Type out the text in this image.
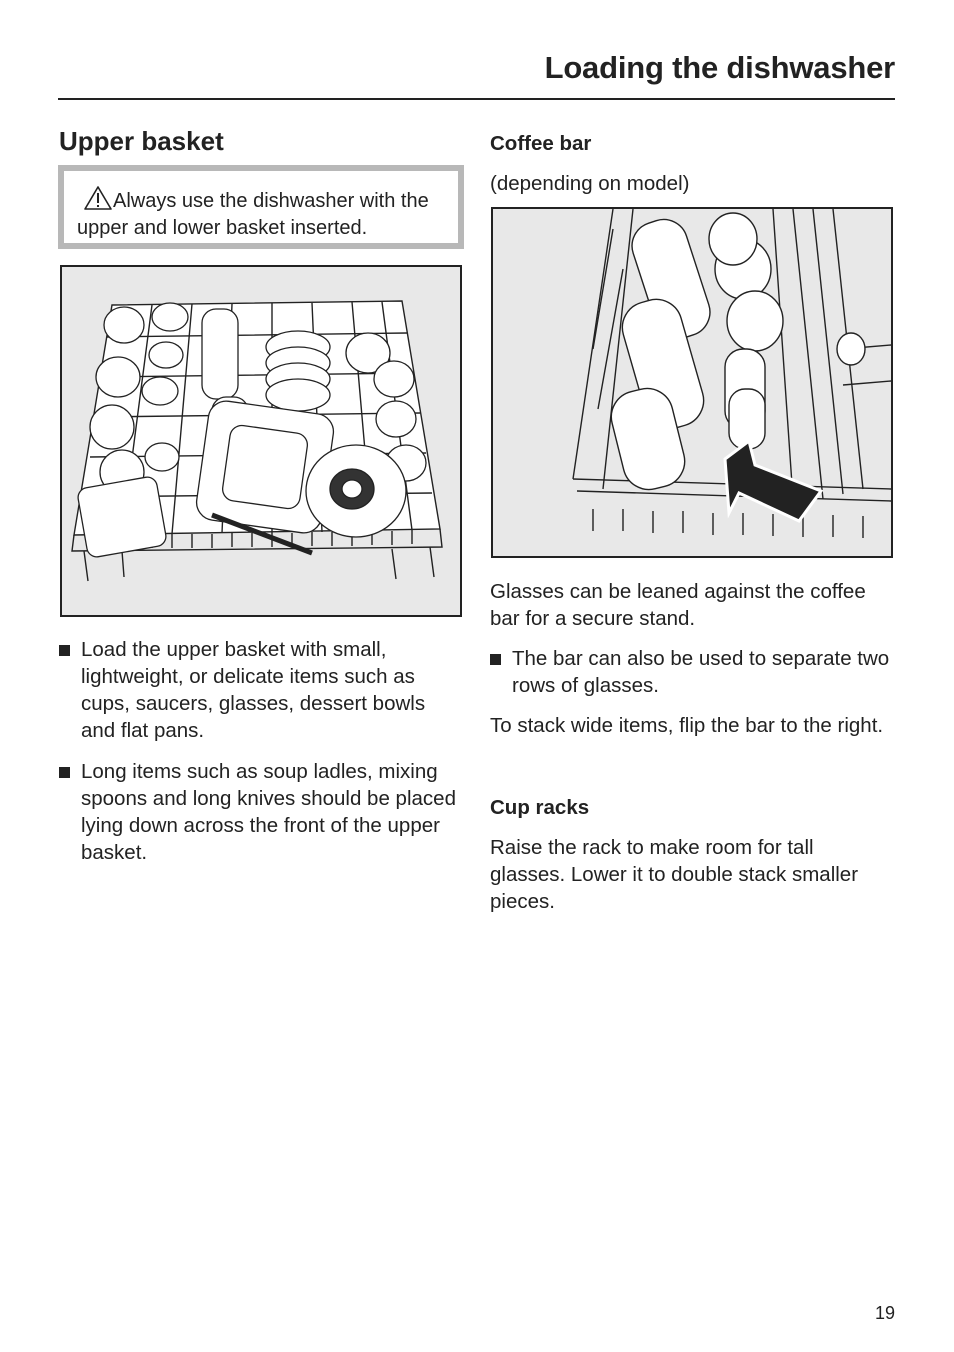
Loading the dishwasher
Upper basket
Always use the dishwasher with the upper and lower basket inserted.

Coffee bar

(depending on model)

Load the upper basket with small, lightweight, or delicate items such as cups, saucers, glasses, dessert bowls and flat pans.
Long items such as soup ladles, mixing spoons and long knives should be placed lying down across the front of the upper basket.

Glasses can be leaned against the coffee bar for a secure stand.

The bar can also be used to separate two rows of glasses.

To stack wide items, flip the bar to the right.

Cup racks

Raise the rack to make room for tall glasses. Lower it to double stack smaller pieces.

19
